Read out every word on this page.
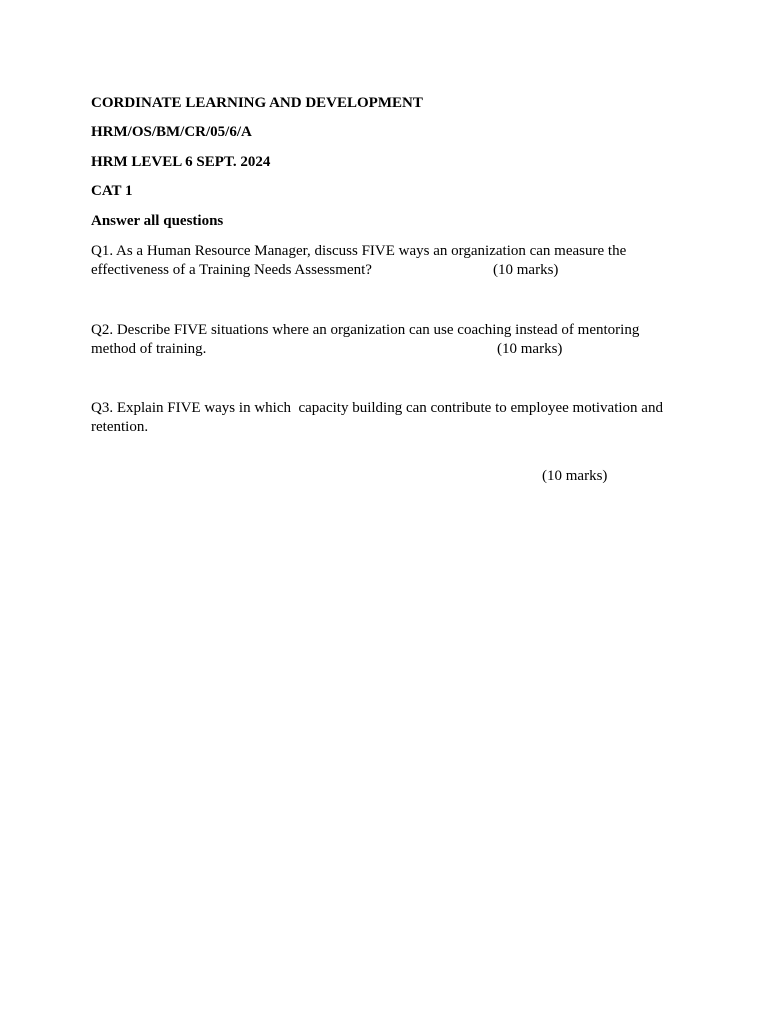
CORDINATE LEARNING AND DEVELOPMENT
HRM/OS/BM/CR/05/6/A
HRM LEVEL 6 SEPT. 2024
CAT 1
Answer all questions
Q1. As a Human Resource Manager, discuss FIVE ways an organization can measure the
effectiveness of a Training Needs Assessment?	(10 marks)
Q2. Describe FIVE situations where an organization can use coaching instead of mentoring
method of training.	(10 marks)
Q3. Explain FIVE ways in which  capacity building can contribute to employee motivation and
retention.
(10 marks)
